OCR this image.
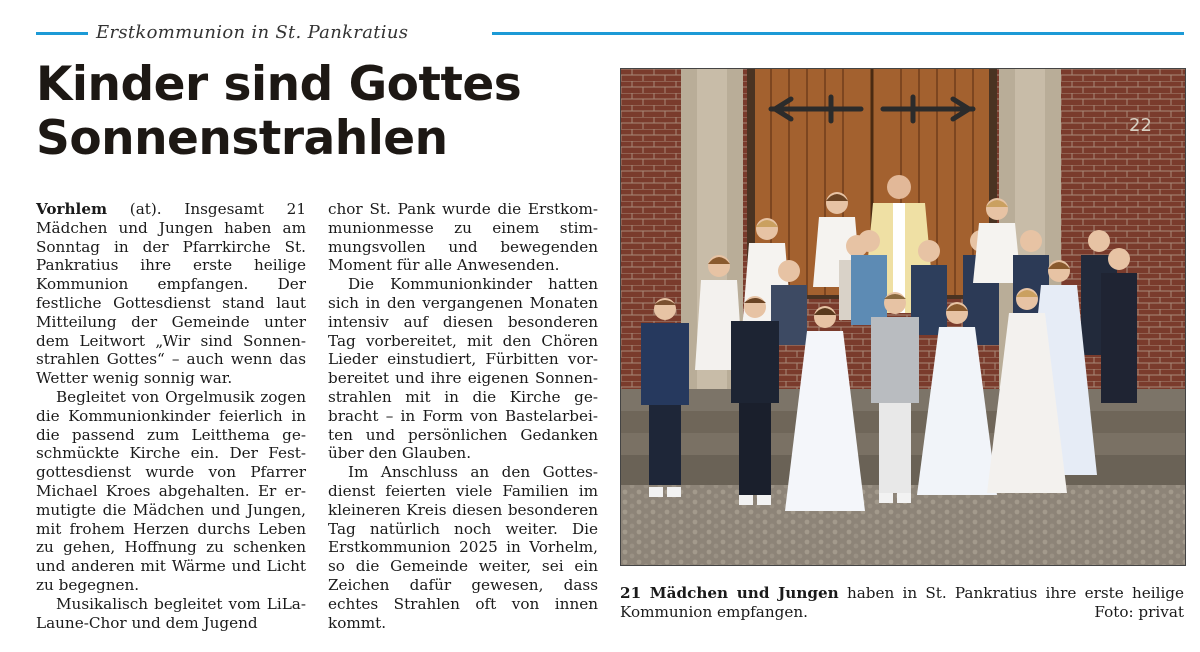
Erstkommunion in St. Pankratius
Kinder sind Gottes
Sonnenstrahlen

Vorhlem (at). Insgesamt 21 Mädchen und Jungen haben am Sonntag in der Pfarrkirche St. Pankratius ihre erste heilige Kommunion empfangen. Der festliche Gottesdienst stand laut Mitteilung der Gemeinde unter dem Leitwort „Wir sind Sonnenstrahlen Gottes“ – auch wenn das Wetter wenig sonnig war.

Begleitet von Orgelmusik zogen die Kommunionkinder feierlich in die passend zum Leitthema geschmückte Kirche ein. Der Festgottesdienst wurde von Pfarrer Michael Kroes abgehalten. Er ermutigte die Mädchen und Jungen, mit frohem Herzen durchs Leben zu gehen, Hoffnung zu schenken und anderen mit Wärme und Licht zu begegnen.

Musikalisch begleitet vom LiLa-Laune-Chor und dem Jugend

chor St. Pank wurde die Erstkommunionmesse zu einem stimmungsvollen und bewegenden Moment für alle Anwesenden.

Die Kommunionkinder hatten sich in den vergangenen Monaten intensiv auf diesen besonderen Tag vorbereitet, mit den Chören Lieder einstudiert, Fürbitten vorbereitet und ihre eigenen Sonnenstrahlen mit in die Kirche gebracht – in Form von Bastelarbeiten und persönlichen Gedanken über den Glauben.

Im Anschluss an den Gottesdienst feierten viele Familien im kleineren Kreis diesen besonderen Tag natürlich noch weiter. Die Erstkommunion 2025 in Vorhelm, so die Gemeinde weiter, sei ein Zeichen dafür gewesen, dass echtes Strahlen oft von innen kommt.

22
21 Mädchen und Jungen haben in St. Pankratius ihre erste heilige Kommunion empfangen.	Foto: privat
